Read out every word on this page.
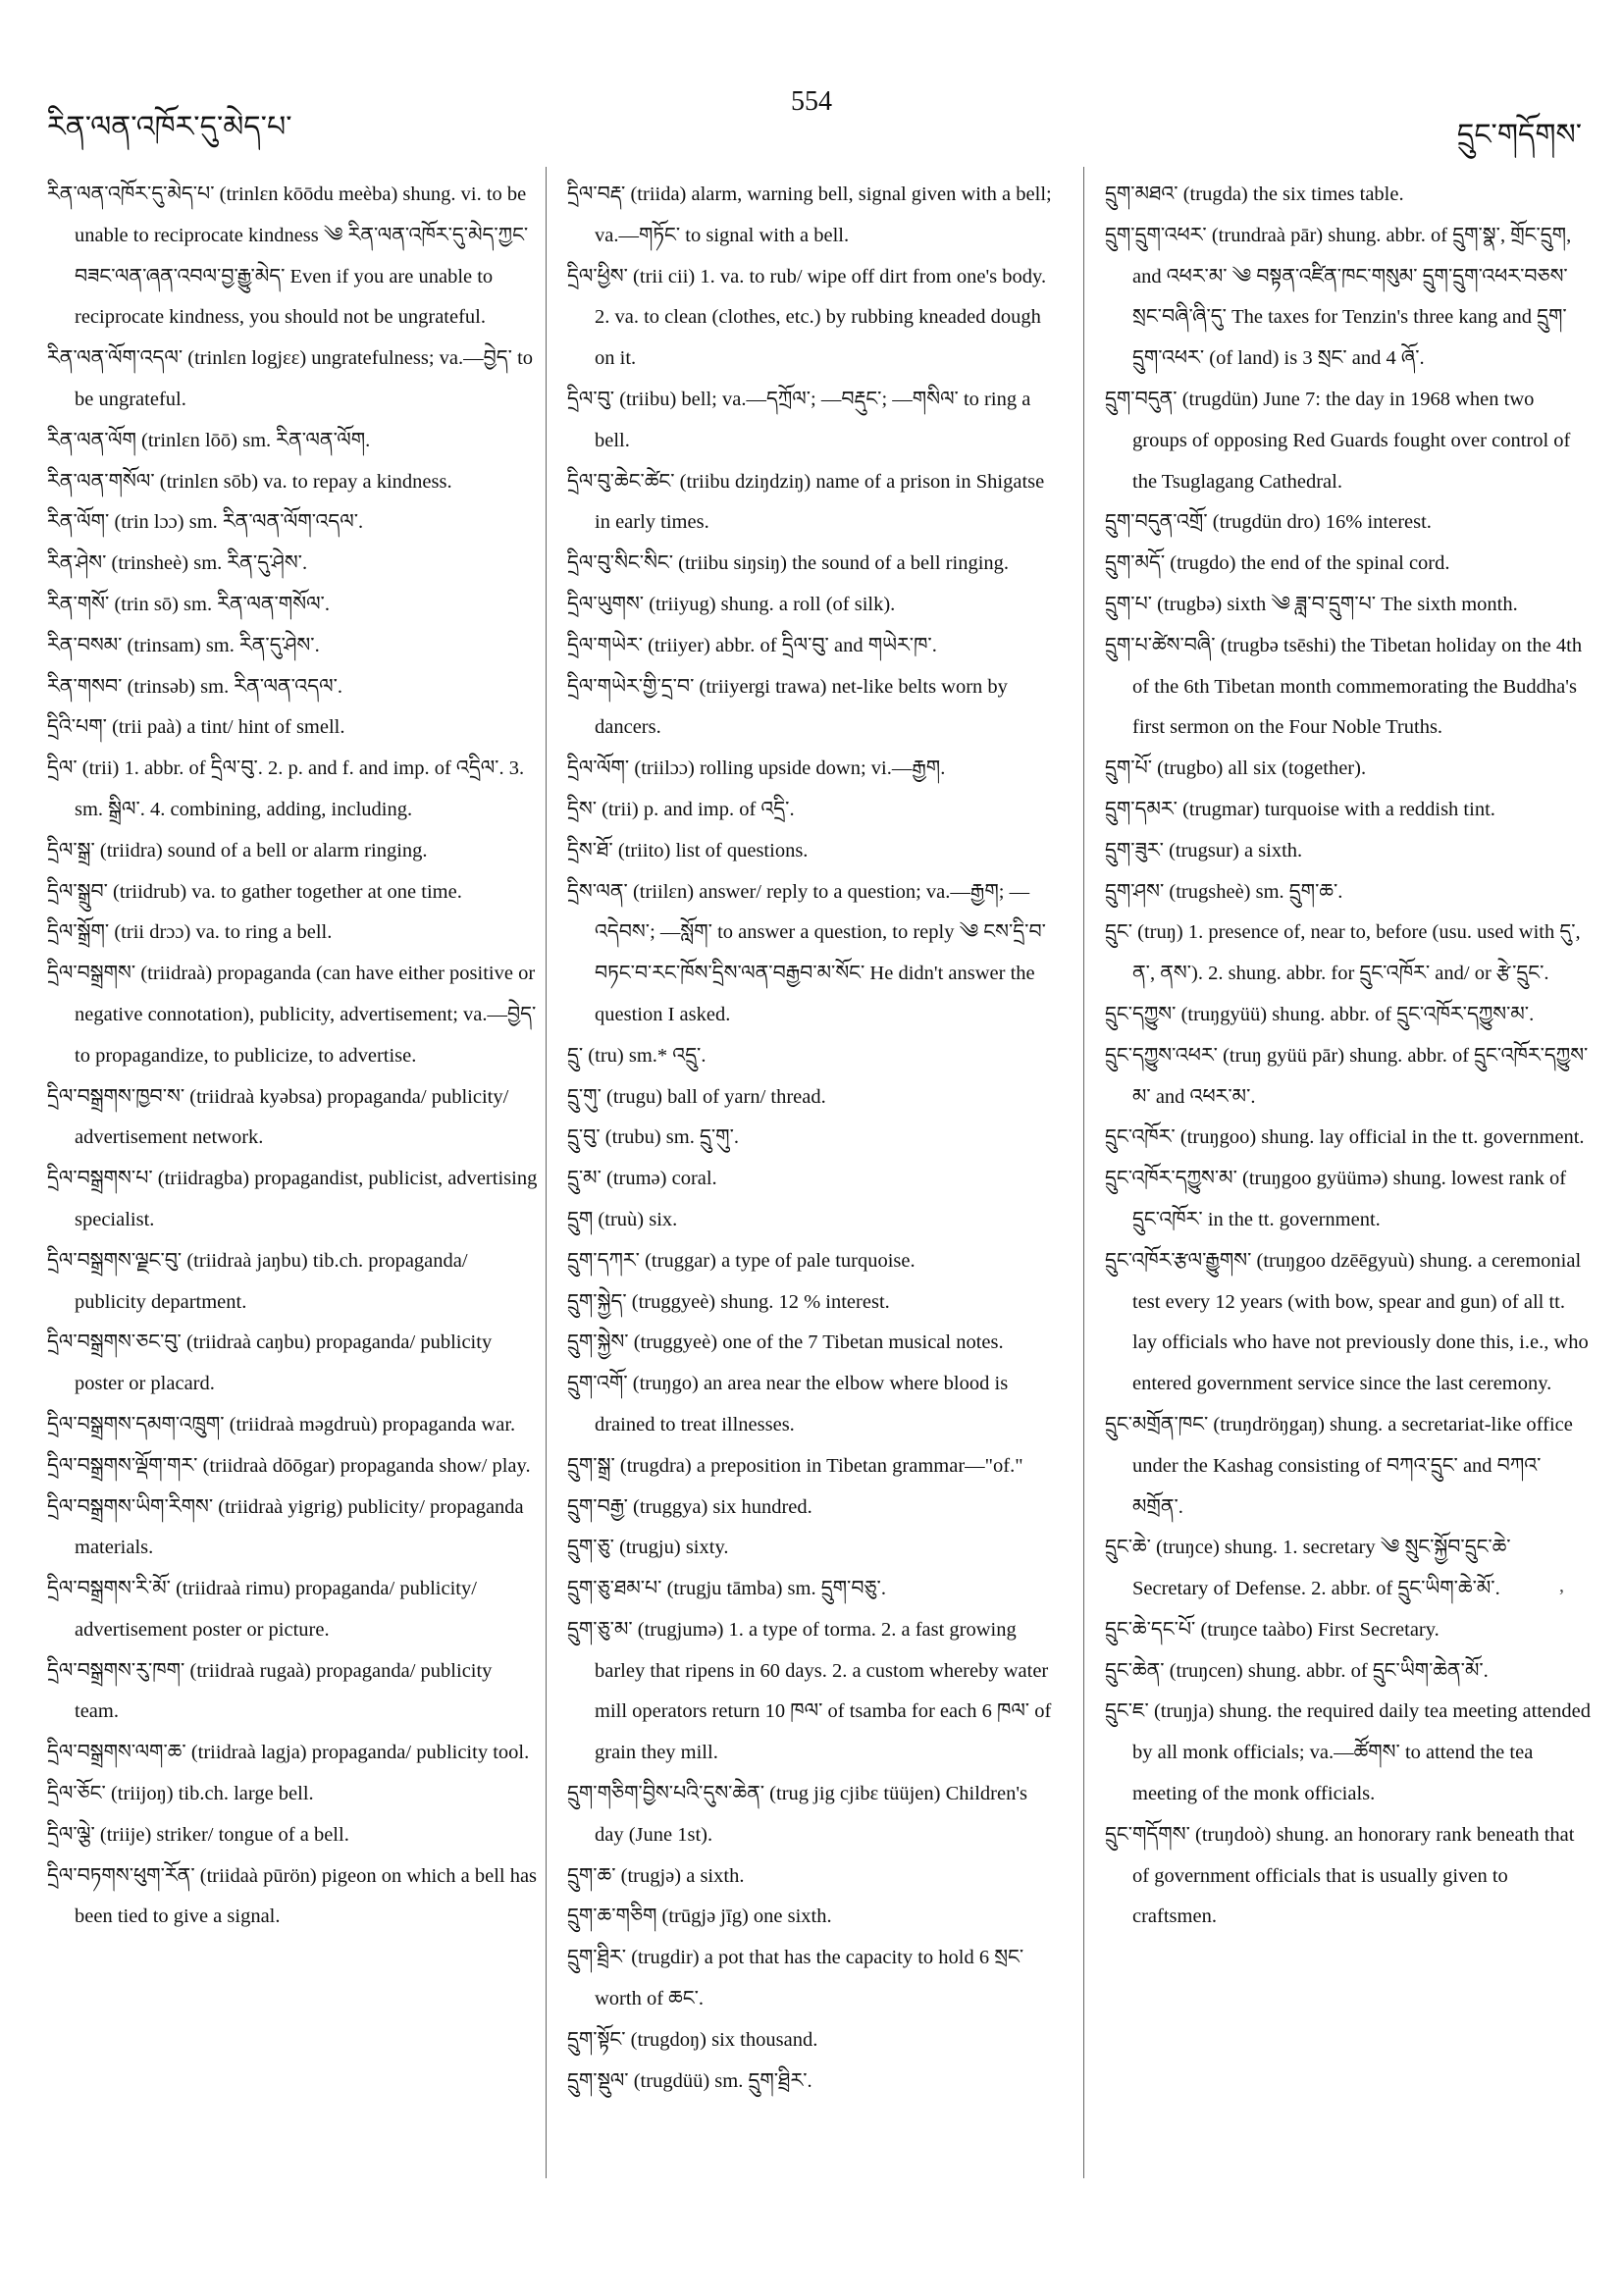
རིན་ལན་འཁོར་དུ་མེད་པ་
554
དྲུང་གདོགས་

རིན་ལན་འཁོར་དུ་མེད་པ་ (trinlɛn kōōdu meèba) shung. vi. to be unable to reciprocate kindness ༄ རིན་ལན་འཁོར་དུ་མེད་ཀྱང་བཟང་ལན་ཞན་འབལ་བྱ་རྒྱུ་མེད་ Even if you are unable to reciprocate kindness, you should not be ungrateful.

རིན་ལན་ལོག་འདལ་ (trinlɛn logjɛɛ) ungratefulness; va.—བྱེད་ to be ungrateful.

རིན་ལན་ལོག (trinlɛn lōō) sm. རིན་ལན་ལོག.

རིན་ལན་གསོལ་ (trinlɛn sōb) va. to repay a kindness.

རིན་ལོག་ (trin lɔɔ) sm. རིན་ལན་ལོག་འདལ་.

རིན་ཤེས་ (trinsheè) sm. རིན་དུ་ཤེས་.

རིན་གསོ་ (trin sō) sm. རིན་ལན་གསོལ་.

རིན་བསམ་ (trinsam) sm. རིན་དུ་ཤེས་.

རིན་གསབ་ (trinsəb) sm. རིན་ལན་འདལ་.

དྲིའི་པག་ (trii paà) a tint/ hint of smell.

དྲིལ་ (trii) 1. abbr. of དྲིལ་བུ་. 2. p. and f. and imp. of འདྲིལ་. 3. sm. སྒྲིལ་. 4. combining, adding, including.

དྲིལ་སྒྲ་ (triidra) sound of a bell or alarm ringing.

དྲིལ་སྒྲུབ་ (triidrub) va. to gather together at one time.

དྲིལ་སྒྲོག་ (trii drɔɔ) va. to ring a bell.

དྲིལ་བསྒྲགས་ (triidraà) propaganda (can have either positive or negative connotation), publicity, advertisement; va.—བྱེད་ to propagandize, to publicize, to advertise.

དྲིལ་བསྒྲགས་ཁྱབ་ས་ (triidraà kyəbsa) propaganda/ publicity/ advertisement network.

དྲིལ་བསྒྲགས་པ་ (triidragba) propagandist, publicist, advertising specialist.

དྲིལ་བསྒྲགས་ལྗང་བུ་ (triidraà jaŋbu) tib.ch. propaganda/ publicity department.

དྲིལ་བསྒྲགས་ཅང་བུ་ (triidraà caŋbu) propaganda/ publicity poster or placard.

དྲིལ་བསྒྲགས་དམག་འཁྲུག་ (triidraà məgdruù) propaganda war.

དྲིལ་བསྒྲགས་ལྡོག་གར་ (triidraà dōōgar) propaganda show/ play.

དྲིལ་བསྒྲགས་ཡིག་རིགས་ (triidraà yigrig) publicity/ propaganda materials.

དྲིལ་བསྒྲགས་རི་མོ་ (triidraà rimu) propaganda/ publicity/ advertisement poster or picture.

དྲིལ་བསྒྲགས་རུ་ཁག་ (triidraà rugaà) propaganda/ publicity team.

དྲིལ་བསྒྲགས་ལག་ཆ་ (triidraà lagja) propaganda/ publicity tool.

དྲིལ་ཅོང་ (triijoŋ) tib.ch. large bell.

དྲིལ་ལྕེ་ (triije) striker/ tongue of a bell.

དྲིལ་བཏགས་ཕུག་རོན་ (triidaà pūrön) pigeon on which a bell has been tied to give a signal.

དྲིལ་བརྡ་ (triida) alarm, warning bell, signal given with a bell; va.—གཏོང་ to signal with a bell.

དྲིལ་ཕྱིས་ (trii cii) 1. va. to rub/ wipe off dirt from one's body. 2. va. to clean (clothes, etc.) by rubbing kneaded dough on it.

དྲིལ་བུ་ (triibu) bell; va.—དཀྲོལ་; —བརྡུང་; —གསིལ་ to ring a bell.

དྲིལ་བུ་ཆེང་ཚེང་ (triibu dziŋdziŋ) name of a prison in Shigatse in early times.

དྲིལ་བུ་སིང་སིང་ (triibu siŋsiŋ) the sound of a bell ringing.

དྲིལ་ཡུགས་ (triiyug) shung. a roll (of silk).

དྲིལ་གཡེར་ (triiyer) abbr. of དྲིལ་བུ་ and གཡེར་ཁ་.

དྲིལ་གཡེར་གྱི་དྲ་བ་ (triiyergi trawa) net-like belts worn by dancers.

དྲིལ་ལོག་ (triilɔɔ) rolling upside down; vi.—རྒྱག.

དྲིས་ (trii) p. and imp. of འདྲི་.

དྲིས་ཐོ་ (triito) list of questions.

དྲིས་ལན་ (triilɛn) answer/ reply to a question; va.—རྒྱག; —འདེབས་; —སློག་ to answer a question, to reply ༄ ངས་དྲི་བ་བཏང་བ་རང་ཁོས་དྲིས་ལན་བརྒྱབ་མ་སོང་ He didn't answer the question I asked.

དྲུ་ (tru) sm.* འདྲུ་.

དྲུ་གུ་ (trugu) ball of yarn/ thread.

དྲུ་བུ་ (trubu) sm. དྲུ་གུ་.

དྲུ་མ་ (trumə) coral.

དྲུག (truù) six.

དྲུག་དཀར་ (truggar) a type of pale turquoise.

དྲུག་སྐྱེད་ (truggyeè) shung. 12 % interest.

དྲུག་སྐྱེས་ (truggyeè) one of the 7 Tibetan musical notes.

དྲུག་འགོ་ (truŋgo) an area near the elbow where blood is drained to treat illnesses.

དྲུག་སྒྲ་ (trugdra) a preposition in Tibetan grammar—"of."

དྲུག་བརྒྱ་ (truggya) six hundred.

དྲུག་ཅུ་ (trugju) sixty.

དྲུག་ཅུ་ཐམ་པ་ (trugju tāmba) sm. དྲུག་བཅུ་.

དྲུག་ཅུ་མ་ (trugjumə) 1. a type of torma. 2. a fast growing barley that ripens in 60 days. 2. a custom whereby water mill operators return 10 ཁལ་ of tsamba for each 6 ཁལ་ of grain they mill.

དྲུག་གཅིག་བྱིས་པའི་དུས་ཆེན་ (trug jig cjibε tüüjen) Children's day (June 1st).

དྲུག་ཆ་ (trugjə) a sixth.

དྲུག་ཆ་གཅིག (trūgjə jīg) one sixth.

དྲུག་ཐྲིར་ (trugdir) a pot that has the capacity to hold 6 སྲང་ worth of ཆང་.

དྲུག་སྟོང་ (trugdoŋ) six thousand.

དྲུག་སྡུལ་ (trugdüü) sm. དྲུག་ཐྲིར་.

དྲུག་མཐའ་ (trugda) the six times table.

དྲུག་དྲུག་འཕར་ (trundraà pār) shung. abbr. of དྲུག་སྣ་, གྲོང་དྲུག, and འཕར་མ་ ༄ བསྟན་འཛིན་ཁང་གསུམ་ དྲུག་དྲུག་འཕར་བཅས་སྲང་བཞི་ཞི་དུ་ The taxes for Tenzin's three kang and དྲུག་དྲུག་འཕར་ (of land) is 3 སྲང་ and 4 ཞོ་.

དྲུག་བདུན་ (trugdün) June 7: the day in 1968 when two groups of opposing Red Guards fought over control of the Tsuglagang Cathedral.

དྲུག་བདུན་འགྲོ་ (trugdün dro) 16% interest.

དྲུག་མདོ་ (trugdo) the end of the spinal cord.

དྲུག་པ་ (trugbə) sixth ༄ ཟླ་བ་དྲུག་པ་ The sixth month.

དྲུག་པ་ཚེས་བཞི་ (trugbə tsēshi) the Tibetan holiday on the 4th of the 6th Tibetan month commemorating the Buddha's first sermon on the Four Noble Truths.

དྲུག་པོ་ (trugbo) all six (together).

དྲུག་དམར་ (trugmar) turquoise with a reddish tint.

དྲུག་ཟུར་ (trugsur) a sixth.

དྲུག་ཤས་ (trugsheè) sm. དྲུག་ཆ་.

དྲུང་ (truŋ) 1. presence of, near to, before (usu. used with དུ་, ན་, ནས་). 2. shung. abbr. for དྲུང་འཁོར་ and/ or རྩེ་དྲུང་.

དྲུང་དཀྱུས་ (truŋgyüü) shung. abbr. of དྲུང་འཁོར་དཀྱུས་མ་.

དྲུང་དཀྱུས་འཕར་ (truŋ gyüü pār) shung. abbr. of དྲུང་འཁོར་དཀྱུས་མ་ and འཕར་མ་.

དྲུང་འཁོར་ (truŋgoo) shung. lay official in the tt. government.

དྲུང་འཁོར་དཀྱུས་མ་ (truŋgoo gyüümə) shung. lowest rank of དྲུང་འཁོར་ in the tt. government.

དྲུང་འཁོར་རྩལ་རྒྱུགས་ (truŋgoo dzēēgyuù) shung. a ceremonial test every 12 years (with bow, spear and gun) of all tt. lay officials who have not previously done this, i.e., who entered government service since the last ceremony.

དྲུང་མགྲོན་ཁང་ (truŋdröŋgaŋ) shung. a secretariat-like office under the Kashag consisting of བཀའ་དྲུང་ and བཀའ་མགྲོན་.

དྲུང་ཆེ་ (truŋce) shung. 1. secretary ༄ སྲུང་སྐྱོབ་དྲུང་ཆེ་ Secretary of Defense. 2. abbr. of དྲུང་ཡིག་ཆེ་མོ་.

དྲུང་ཆེ་དང་པོ་ (truŋce taàbo) First Secretary.

དྲུང་ཆེན་ (truŋcen) shung. abbr. of དྲུང་ཡིག་ཆེན་མོ་.

དྲུང་ཇ་ (truŋja) shung. the required daily tea meeting attended by all monk officials; va.—ཚོགས་ to attend the tea meeting of the monk officials.

དྲུང་གདོགས་ (truŋdoò) shung. an honorary rank beneath that of government officials that is usually given to craftsmen.

,
